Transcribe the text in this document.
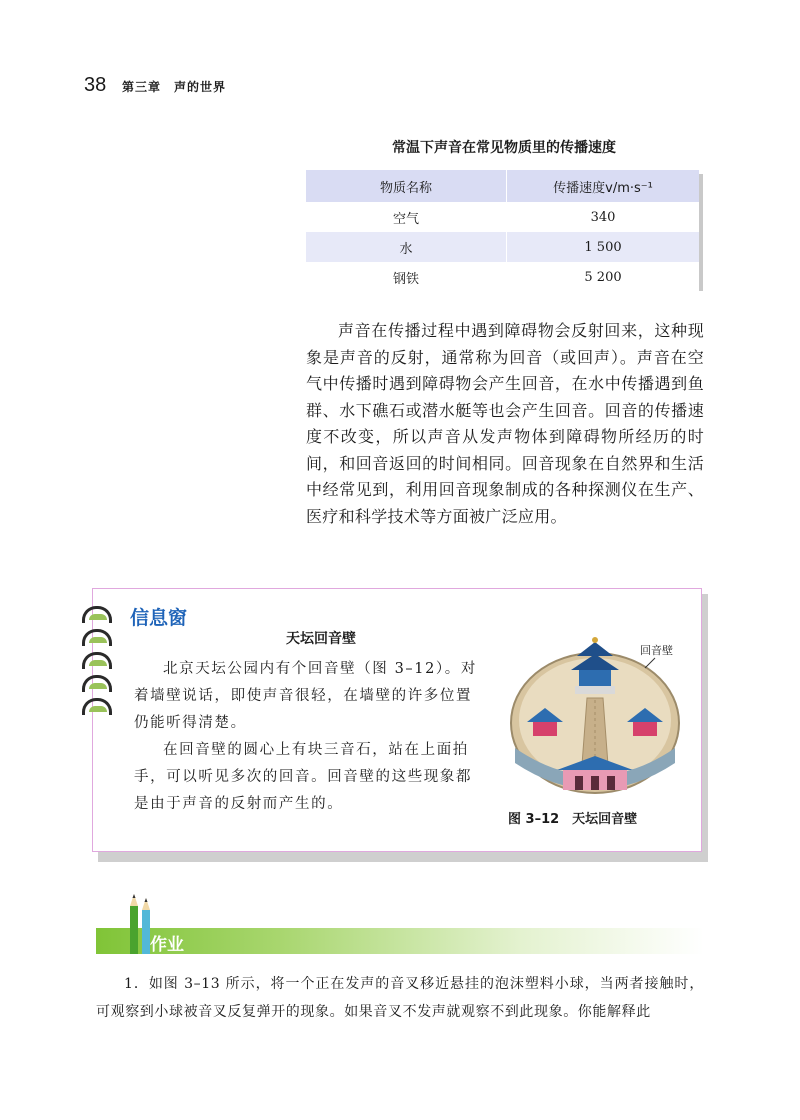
38 第三章　声的世界
常温下声音在常见物质里的传播速度
物质名称	传播速度v/m·s⁻¹
空气	340
水	1 500
钢铁	5 200

声音在传播过程中遇到障碍物会反射回来，这种现象是声音的反射，通常称为回音（或回声）。声音在空气中传播时遇到障碍物会产生回音，在水中传播遇到鱼群、水下礁石或潜水艇等也会产生回音。回音的传播速度不改变，所以声音从发声物体到障碍物所经历的时间，和回音返回的时间相同。回音现象在自然界和生活中经常见到，利用回音现象制成的各种探测仪在生产、医疗和科学技术等方面被广泛应用。

信息窗
天坛回音壁

北京天坛公园内有个回音壁（图 3–12）。对着墙壁说话，即使声音很轻，在墙壁的许多位置仍能听得清楚。

在回音壁的圆心上有块三音石，站在上面拍手，可以听见多次的回音。回音壁的这些现象都是由于声音的反射而产生的。

回音壁
图 3–12　天坛回音壁
作业

1．如图 3–13 所示，将一个正在发声的音叉移近悬挂的泡沫塑料小球，当两者接触时，可观察到小球被音叉反复弹开的现象。如果音叉不发声就观察不到此现象。你能解释此
